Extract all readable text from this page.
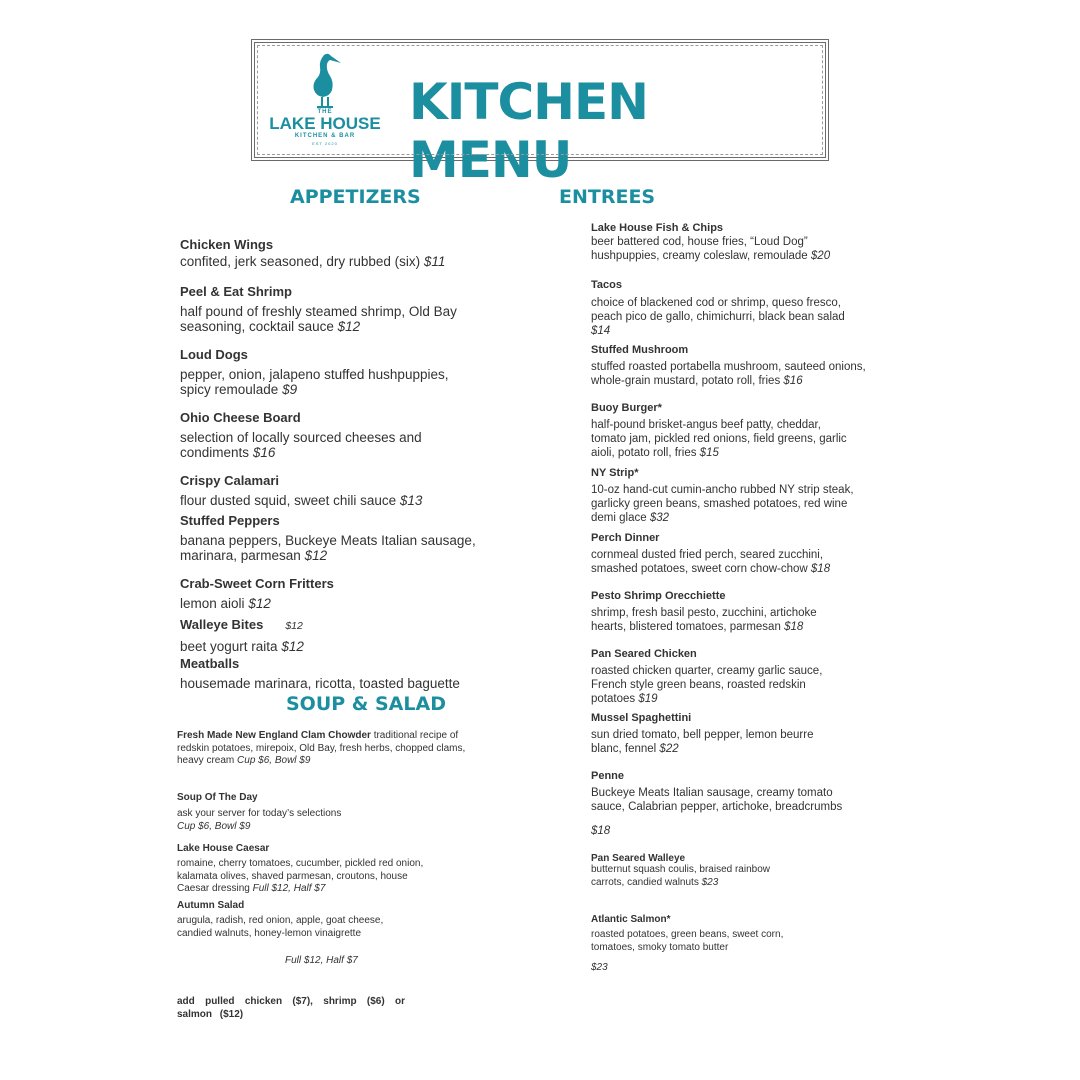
THE
LAKE HOUSE
KITCHEN & BAR
EST 2020
KITCHEN MENU
APPETIZERS
Chicken Wings
confited, jerk seasoned, dry rubbed (six) $11
Peel & Eat Shrimp
half pound of freshly steamed shrimp, Old Bay seasoning, cocktail sauce $12
Loud Dogs
pepper, onion, jalapeno stuffed hushpuppies, spicy remoulade $9
Ohio Cheese Board
selection of locally sourced cheeses and condiments $16
Crispy Calamari
flour dusted squid, sweet chili sauce $13
Stuffed Peppers
banana peppers, Buckeye Meats Italian sausage, marinara, parmesan $12
Crab-Sweet Corn Fritters
lemon aioli $12
Walleye Bites $12
beet yogurt raita $12
Meatballs
housemade marinara, ricotta, toasted baguette
SOUP & SALAD
Fresh Made New England Clam Chowder traditional recipe of redskin potatoes, mirepoix, Old Bay, fresh herbs, chopped clams, heavy cream Cup $6, Bowl $9
Soup Of The Day
ask your server for today’s selections
Cup $6, Bowl $9
Lake House Caesar
romaine, cherry tomatoes, cucumber, pickled red onion, kalamata olives, shaved parmesan, croutons, house Caesar dressing Full $12, Half $7
Autumn Salad
arugula, radish, red onion, apple, goat cheese, candied walnuts, honey-lemon vinaigrette
Full $12, Half $7
add pulled chicken ($7), shrimp ($6) or salmon ($12)
ENTREES
Lake House Fish & Chips
beer battered cod, house fries, “Loud Dog” hushpuppies, creamy coleslaw, remoulade $20
Tacos
choice of blackened cod or shrimp, queso fresco, peach pico de gallo, chimichurri, black bean salad $14
Stuffed Mushroom
stuffed roasted portabella mushroom, sauteed onions, whole-grain mustard, potato roll, fries $16
Buoy Burger*
half-pound brisket-angus beef patty, cheddar, tomato jam, pickled red onions, field greens, garlic aioli, potato roll, fries $15
NY Strip*
10-oz hand-cut cumin-ancho rubbed NY strip steak, garlicky green beans, smashed potatoes, red wine demi glace $32
Perch Dinner
cornmeal dusted fried perch, seared zucchini, smashed potatoes, sweet corn chow-chow $18
Pesto Shrimp Orecchiette
shrimp, fresh basil pesto, zucchini, artichoke hearts, blistered tomatoes, parmesan $18
Pan Seared Chicken
roasted chicken quarter, creamy garlic sauce, French style green beans, roasted redskin potatoes $19
Mussel Spaghettini
sun dried tomato, bell pepper, lemon beurre blanc, fennel $22
Penne
Buckeye Meats Italian sausage, creamy tomato sauce, Calabrian pepper, artichoke, breadcrumbs
$18
Pan Seared Walleye
butternut squash coulis, braised rainbow carrots, candied walnuts $23
Atlantic Salmon*
roasted potatoes, green beans, sweet corn, tomatoes, smoky tomato butter
$23
